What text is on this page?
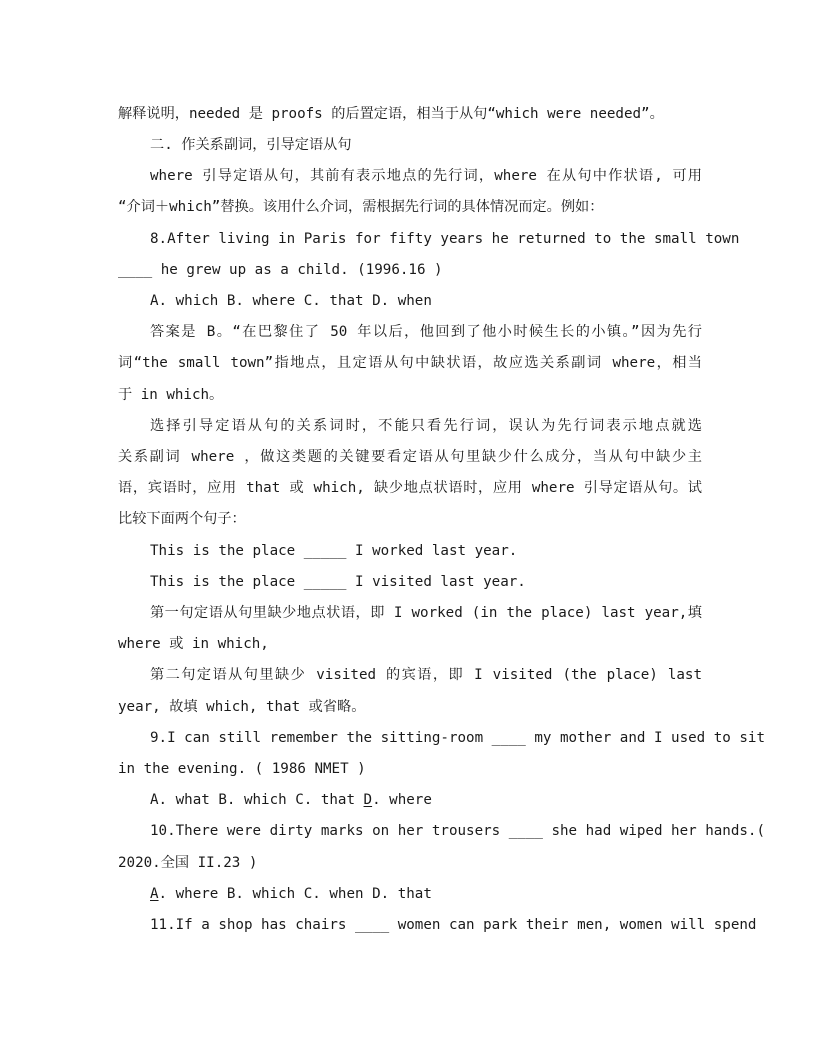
解释说明，needed 是 proofs 的后置定语，相当于从句“which were needed”。
二. 作关系副词，引导定语从句
where 引导定语从句，其前有表示地点的先行词，where 在从句中作状语, 可用
“介词＋which”替换。该用什么介词，需根据先行词的具体情况而定。例如：
8.After living in Paris for fifty years he returned to the small town
____ he grew up as a child. (1996.16 )
A. which B. where C. that D. when
答案是 B。“在巴黎住了 50 年以后，他回到了他小时候生长的小镇。”因为先行
词“the small town”指地点，且定语从句中缺状语，故应选关系副词 where，相当
于 in which。
选择引导定语从句的关系词时，不能只看先行词，误认为先行词表示地点就选
关系副词 where ，做这类题的关键要看定语从句里缺少什么成分，当从句中缺少主
语，宾语时，应用 that 或 which, 缺少地点状语时，应用 where 引导定语从句。试
比较下面两个句子：
This is the place _____ I worked last year.
This is the place _____ I visited last year.
第一句定语从句里缺少地点状语，即 I worked (in the place) last year,填
where 或 in which,
第二句定语从句里缺少 visited 的宾语，即 I visited (the place) last
year, 故填 which, that 或省略。
9.I can still remember the sitting-room ____ my mother and I used to sit
in the evening. ( 1986 NMET )
A. what B. which C. that D. where
10.There were dirty marks on her trousers ____ she had wiped her hands.(
2020.全国 II.23 )
A. where B. which C. when D. that
11.If a shop has chairs ____ women can park their men, women will spend
